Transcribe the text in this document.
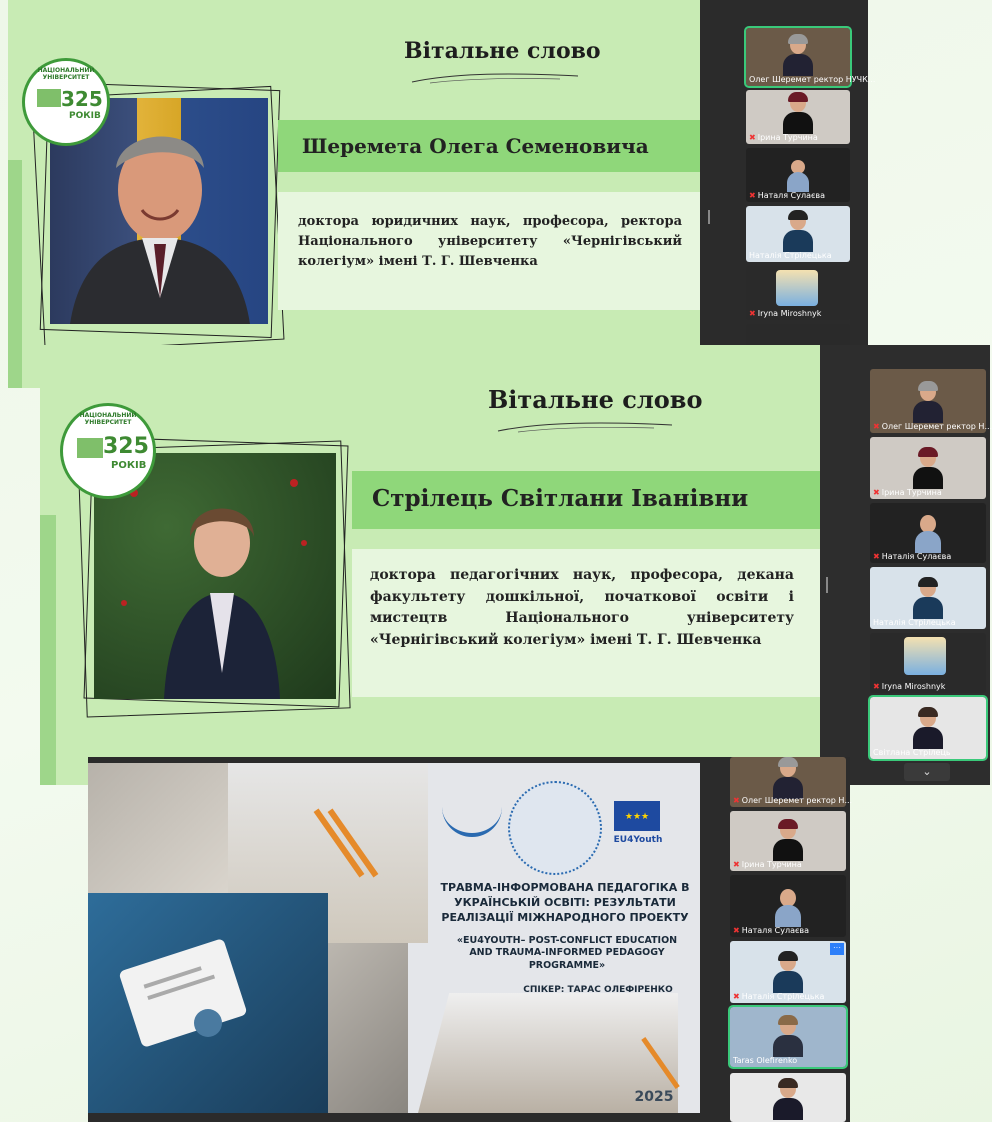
Вітальне слово
НАЦІОНАЛЬНИЙ УНІВЕРСИТЕТ
325
РОКІВ
Шеремета Олега Семеновича
доктора юридичних наук, професора, ректора Національного університету «Чернігівський колегіум» імені Т. Г. Шевченка
Олег Шеремет ректор НУЧК...
✖ Ірина Турчина
✖ Наталя Сулаєва
Наталія Стрілецька
✖ Iryna Miroshnyk
Вітальне слово
НАЦІОНАЛЬНИЙ УНІВЕРСИТЕТ
325
РОКІВ
Стрілець Світлани Іванівни
доктора педагогічних наук, професора, декана факультету дошкільної, початкової освіти і мистецтв Національного університету «Чернігівський колегіум» імені Т. Г. Шевченка
✖ Олег Шеремет ректор Н...
✖ Ірина Турчина
✖ Наталія Сулаєва
Наталія Стрілецька
✖ Iryna Miroshnyk
Світлана Стрілець
⌄
★★★
EU4Youth
ТРАВМА-ІНФОРМОВАНА ПЕДАГОГІКА В УКРАЇНСЬКІЙ ОСВІТІ: РЕЗУЛЬТАТИ РЕАЛІЗАЦІЇ МІЖНАРОДНОГО ПРОЕКТУ
«EU4YOUTH– POST-CONFLICT EDUCATION AND TRAUMA-INFORMED PEDAGOGY PROGRAMME»
СПІКЕР: ТАРАС ОЛЕФІРЕНКО
2025
✖ Олег Шеремет ректор Н...
✖ Ірина Турчина
✖ Наталя Сулаєва
···
✖ Наталія Стрілецька
Taras Olefirenko
